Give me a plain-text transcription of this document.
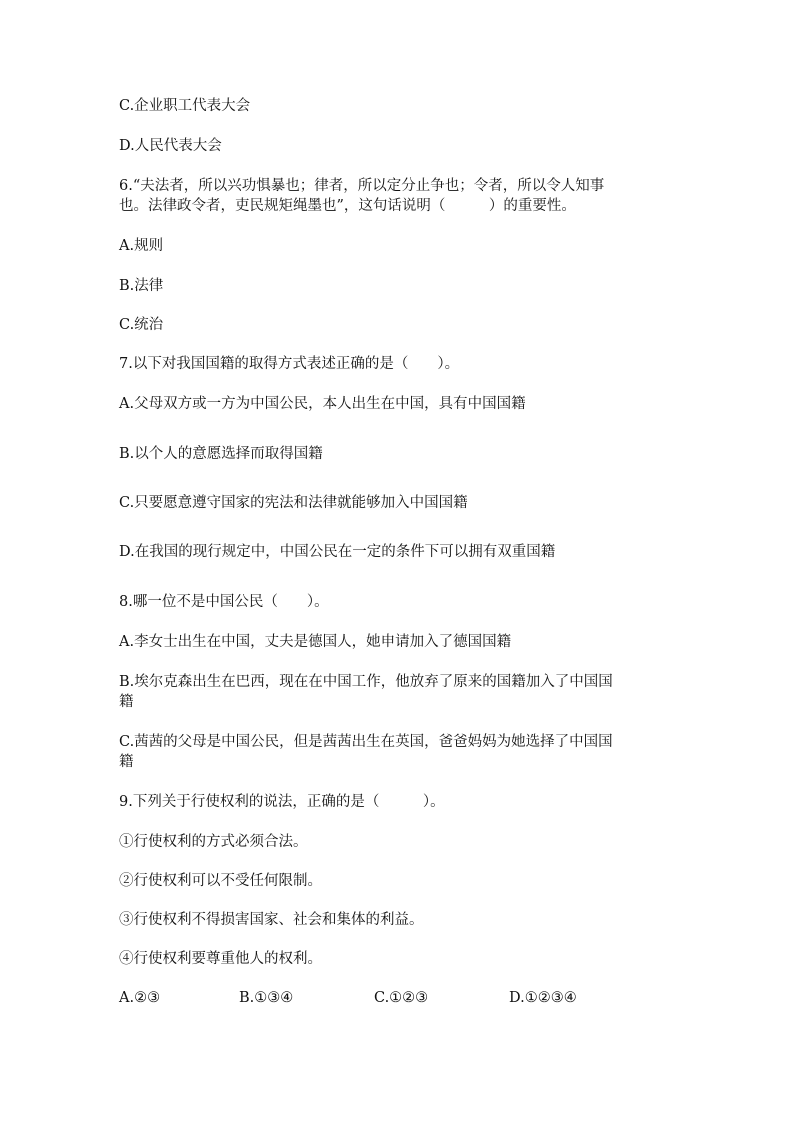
C.企业职工代表大会
D.人民代表大会
6.“夫法者，所以兴功惧暴也；律者，所以定分止争也；令者，所以令人知事
也。法律政令者，吏民规矩绳墨也”，这句话说明（　　　）的重要性。
A.规则
B.法律
C.统治
7.以下对我国国籍的取得方式表述正确的是（　　）。
A.父母双方或一方为中国公民，本人出生在中国，具有中国国籍
B.以个人的意愿选择而取得国籍
C.只要愿意遵守国家的宪法和法律就能够加入中国国籍
D.在我国的现行规定中，中国公民在一定的条件下可以拥有双重国籍
8.哪一位不是中国公民（　　）。
A.李女士出生在中国，丈夫是德国人，她申请加入了德国国籍
B.埃尔克森出生在巴西，现在在中国工作，他放弃了原来的国籍加入了中国国
籍
C.茜茜的父母是中国公民，但是茜茜出生在英国，爸爸妈妈为她选择了中国国
籍
9.下列关于行使权利的说法，正确的是（　　　）。
①行使权利的方式必须合法。
②行使权利可以不受任何限制。
③行使权利不得损害国家、社会和集体的利益。
④行使权利要尊重他人的权利。
A.②③	B.①③④	C.①②③	D.①②③④
